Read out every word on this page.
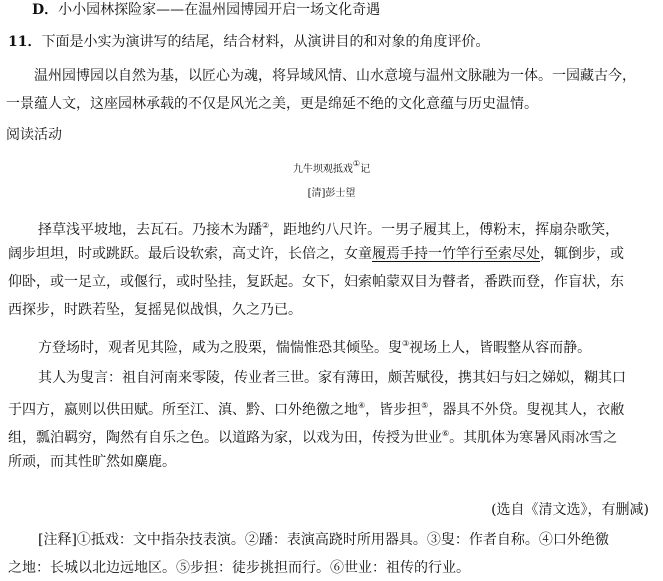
D．小小园林探险家——在温州园博园开启一场文化奇遇
11．下面是小实为演讲写的结尾，结合材料，从演讲目的和对象的角度评价。
温州园博园以自然为基，以匠心为魂，将异域风情、山水意境与温州文脉融为一体。一园藏古今，
一景蕴人文，这座园林承载的不仅是风光之美，更是绵延不绝的文化意蕴与历史温情。
阅读活动
九牛坝观抵戏①记
[清]彭士望
择草浅平坡地，去瓦石。乃接木为蹯②，距地约八尺许。一男子履其上，傅粉末，挥扇杂歌笑，
阔步坦坦，时或跳跃。最后设软索，高丈许，长倍之，女童履焉手持一竹竿行至索尽处，辄倒步，或
仰卧，或一足立，或偃行，或时坠挂，复跃起。女下，妇索帕蒙双目为瞽者，番跌而登，作盲状，东
西探步，时跌若坠，复摇晃似战惧，久之乃已。
方登场时，观者见其险，咸为之股栗，惴惴惟恐其倾坠。叟③视场上人，皆暇整从容而静。
其人为叟言：祖自河南来零陵，传业者三世。家有薄田，颇苦赋役，携其妇与妇之娣姒，糊其口
于四方，嬴则以供田赋。所至江、滇、黔、口外绝徼之地④，皆步担⑤，器具不外贷。叟视其人，衣敝
组，瓢泊羁穷，陶然有自乐之色。以道路为家，以戏为田，传授为世业⑥。其肌体为寒暑风雨冰雪之
所顽，而其性旷然如麋鹿。
(选自《清文选》，有删减)
[注释]①抵戏：文中指杂技表演。②蹯：表演高跷时所用器具。③叟：作者自称。④口外绝徼
之地：长城以北边远地区。⑤步担：徒步挑担而行。⑥世业：祖传的行业。
